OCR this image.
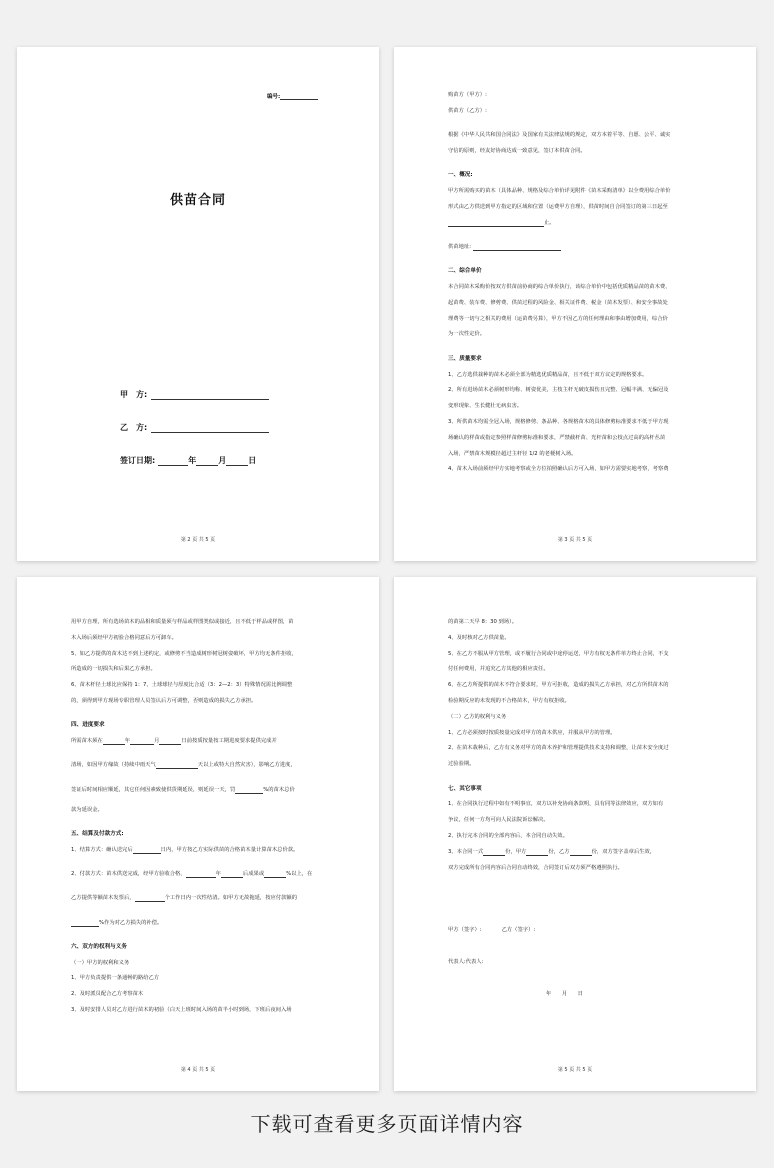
编号:
供苗合同
甲　方:
乙　方:
签订日期:	年	月	日
第 2 页 共 5 页
购苗方（甲方）:
供苗方（乙方）:
根据《中华人民共和国合同法》及国家有关法律法规的规定，双方本着平等、自愿、公平、诚实
守信的原则，经友好协商达成一致意见，签订本供苗合同。
一、概况:
甲方所需购买的苗木（具体品种、规格及综合单价详见附件《苗木采购清单》以全费用综合单价
形式由乙方供送到甲方指定的区域和位置（运费甲方自理），供苗时间自合同签订的第三日起至
止。
供苗地址:
二、综合单价
本合同苗木采购价按双方供苗前协商的综合单价执行，该综合单价中包括优质精品苗的苗木费、
起苗费、装车费、修剪费、供苗过程的风险金、相关证件费、税金（苗木发票）、和安全事故处
理费等一切与之相关的费用（运苗费另算），甲方不因乙方的任何理由和事由增加费用，综合价
为一次性定价。
三、质量要求
1、乙方选供栽种的苗木必须全部为精选优质精品苗，且不低于双方议定的规格要求。
2、所有进场苗木必须树形均称、树姿优美，主枝主杆无破皮损伤且完整、冠幅丰满、无偏冠及
变形现象、生长健壮无病虫害。
3、所供苗木均需全冠入场，规格修剪、条品种、各规格苗木的具体修剪标准要求不低于甲方现
场确认的样苗或指定参照样苗修剪标准和要求，严禁截杆苗、光杆苗和公枝点过高的高杆丛苗
入场，严禁苗木规模径超过主杆径 1/2 的老梗树入场。
4、苗木入场前须经甲方实地考察或全方位拍照确认后方可入场，如甲方需要实地考察，考察费
第 3 页 共 5 页
用甲方自理，所有选场苗木的品相和质量须与样品或样图类似或接近，且不低于样品或样图，苗
木入场后须经甲方初验合格同意后方可卸车。
5、如乙方提供的苗木达不到上述约定，或修剪不当造成树形树冠树姿破坏，甲方均无条件拒收，
所造成的一切损失和后果乙方承担。
6、苗木杆径土球比应保持 1：7，土球球径与厚度比合适（3：2—2：3）特殊情况需比例调整
的，须得到甲方现场专职管理人员签认后方可调整，否则造成的损失乙方承担。
四、进度要求
所需苗木须在	年	月	日前按质按量按工期进度要求提供完成并
清场，如因甲方缘故（持续中雨天气	天以上或特大自然灾害），影响乙方进度，
签证后时间相应顺延，其它任何因素致使供货期延误，则延误一天，罚	%的苗木总价
款为延误金。
五、结算及付款方式:
1、结算方式：确认送完后	日内，甲方按乙方实际供苗的合格苗木量计算苗木总价款。
2、付款方式：苗木供送完成，经甲方验收合格，	年	后成果或	%以上，在
乙方提供等额苗木发票后，	个工作日内一次性结清。如甲方无故拖延，按应付款额的
%作为对乙方损失的补偿。
六、双方的权利与义务
（一）甲方的权利和义务
1、甲方负责提供一条通畅的路给乙方
2、及时派员配合乙方考察苗木
3、及时安排人员对乙方进行苗木的初验（白天上班时间入场的苗半小时到场，下班后夜间入场
第 4 页 共 5 页
的苗第二天早 8：30 到场）。
4、及时核对乙方供苗量。
5、在乙方不服从甲方管理，或不履行合同或中途停运送，甲方有权无条件单方终止合同，不支
付任何费用，并追究乙方其他的相应责任。
6、在乙方所提供的苗木不符合要求时，甲方可拒收，造成的损失乙方承担，对乙方所供苗木的
检验期反应的未发现的不合格苗木，甲方有权拒收。
（二）乙方的权利与义务
1、乙方必须按时按质按量完成对甲方的苗木供应，并服从甲方的管理。
2、在苗木栽种后，乙方有义务对甲方的苗木养护和管理提供技术支持和调整，让苗木安全度过
过验验期。
七、其它事项
1、在合同执行过程中如有不明事宜，双方以补充协商条款明，具有同等法律效应，双方如有
争议，任何一方均可向人民法院诉讼解决。
2、执行完本合同的全部内容后，本合同自动失效。
3、本合同一式	份，甲方	份，乙方	份，双方签字盖章后生效，
双方完成所有合同内容后合同自动终效，合同签订后双方须严格遵照执行。
甲方（签字）:	乙方（签字）:
代表人:代表人:
年　　月　　日
第 5 页 共 5 页
下载可查看更多页面详情内容
